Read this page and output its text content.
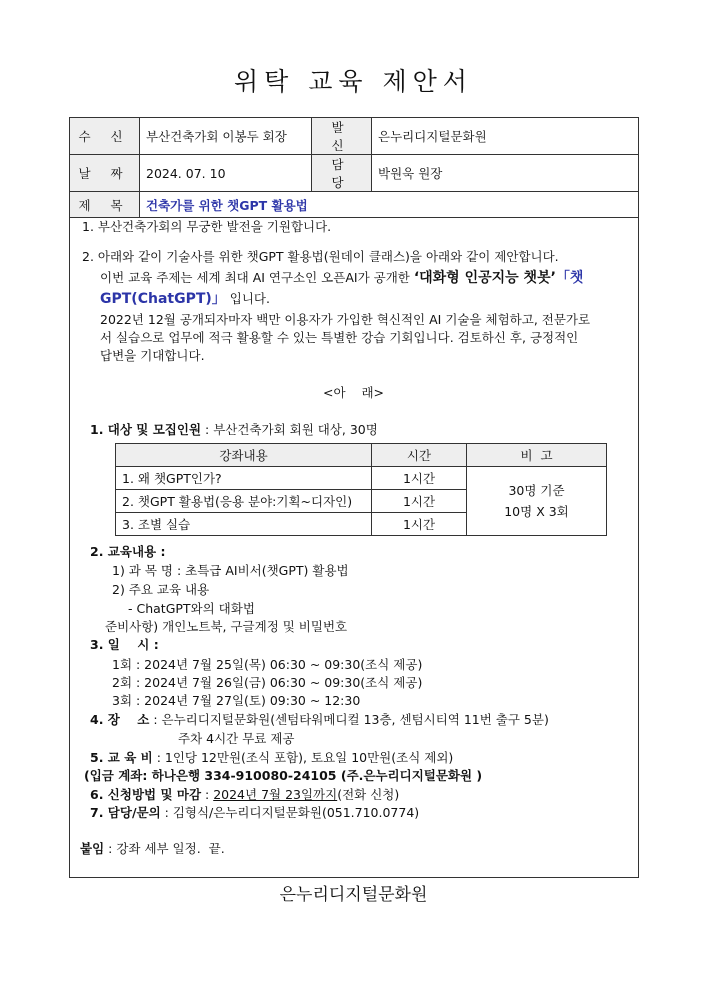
위탁 교육 제안서
수 신	부산건축가회 이봉두 회장	발 신	은누리디지털문화원
날 짜	2024. 07. 10	담 당	박원욱 원장
제 목	건축가를 위한 챗GPT 활용법		
1. 부산건축가회의 무궁한 발전을 기원합니다.
2. 아래와 같이 기술사를 위한 챗GPT 활용법(원데이 클래스)을 아래와 같이 제안합니다.
이번 교육 주제는 세계 최대 AI 연구소인 오픈AI가 공개한 ‘대화형 인공지능 챗봇’「챗
GPT(ChatGPT)」 입니다.
2022년 12월 공개되자마자 백만 이용자가 가입한 혁신적인 AI 기술을 체험하고, 전문가로
서 실습으로 업무에 적극 활용할 수 있는 특별한 강습 기회입니다. 검토하신 후, 긍정적인
답변을 기대합니다.
<아    래>
1. 대상 및 모집인원 : 부산건축가회 회원 대상, 30명
강좌내용	시간	비  고
1. 왜 챗GPT인가?	1시간	30명 기준
10명 X 3회
2. 챗GPT 활용법(응용 분야:기획~디자인)	1시간	
3. 조별 실습	1시간	
2. 교육내용 :
1) 과 목 명 : 초특급 AI비서(챗GPT) 활용법
2) 주요 교육 내용
- ChatGPT와의 대화법
준비사항) 개인노트북, 구글계정 및 비밀번호
3. 일    시 :
1회 : 2024년 7월 25일(목) 06:30 ~ 09:30(조식 제공)
2회 : 2024년 7월 26일(금) 06:30 ~ 09:30(조식 제공)
3회 : 2024년 7월 27일(토) 09:30 ~ 12:30
4. 장    소 : 은누리디지털문화원(센텀타워메디컬 13층, 센텀시티역 11번 출구 5분)
주차 4시간 무료 제공
5. 교 육 비 : 1인당 12만원(조식 포함), 토요일 10만원(조식 제외)
(입금 계좌: 하나은행 334-910080-24105 (주.은누리디지털문화원 )
6. 신청방법 및 마감 : 2024년 7월 23일까지(전화 신청)
7. 담당/문의 : 김형식/은누리디지털문화원(051.710.0774)
붙임 : 강좌 세부 일정.  끝.
은누리디지털문화원
